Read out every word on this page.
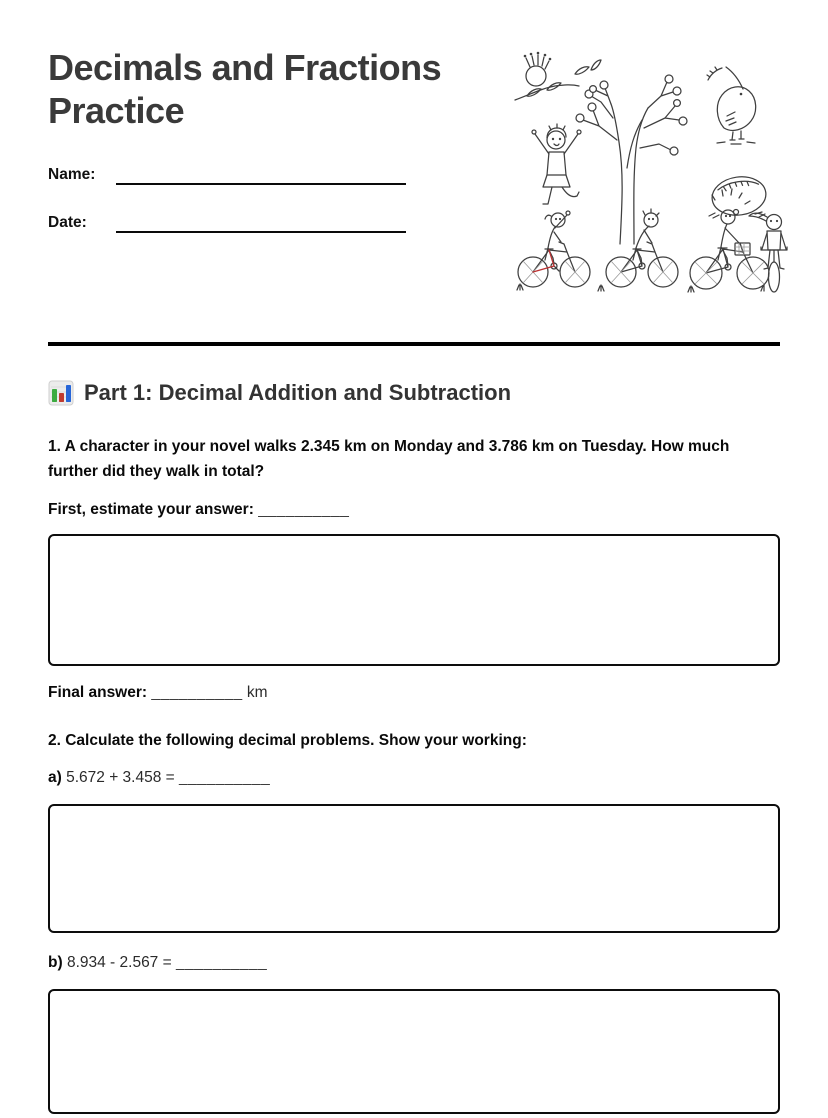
Decimals and Fractions Practice
Name:
Date:
Part 1: Decimal Addition and Subtraction

1. A character in your novel walks 2.345 km on Monday and 3.786 km on Tuesday. How much further did they walk in total?

First, estimate your answer: __________

Final answer: __________ km

2. Calculate the following decimal problems. Show your working:

a) 5.672 + 3.458 = __________

b) 8.934 - 2.567 = __________
